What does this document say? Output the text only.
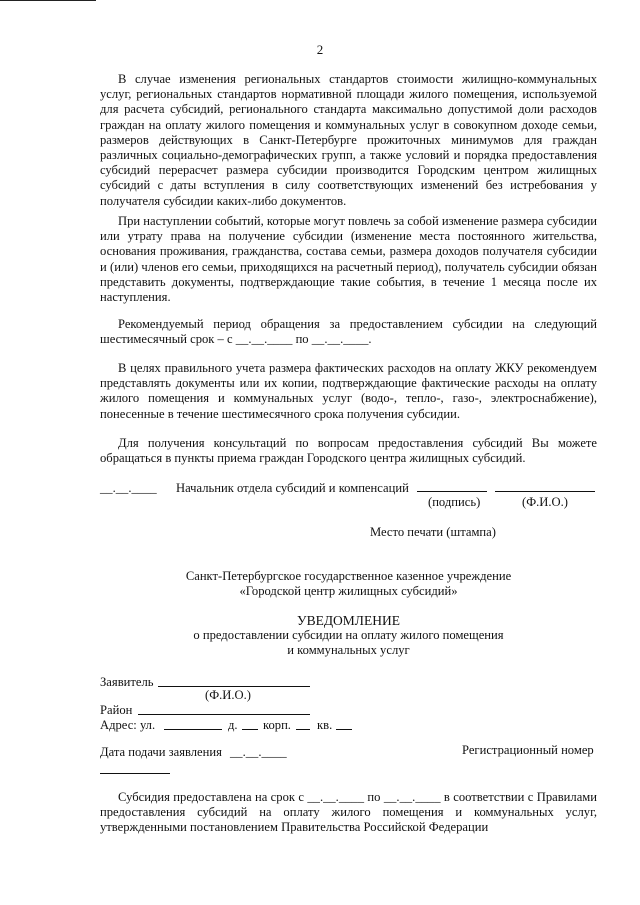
2
В случае изменения региональных стандартов стоимости жилищно-коммунальных услуг, региональных стандартов нормативной площади жилого помещения, используемой для расчета субсидий, регионального стандарта максимально допустимой доли расходов граждан на оплату жилого помещения и коммунальных услуг в совокупном доходе семьи, размеров действующих в Санкт-Петербурге прожиточных минимумов для граждан различных социально-демографических групп, а также условий и порядка предоставления субсидий перерасчет размера субсидии производится Городским центром жилищных субсидий с даты вступления в силу соответствующих изменений без истребования у получателя субсидии каких-либо документов.
При наступлении событий, которые могут повлечь за собой изменение размера субсидии или утрату права на получение субсидии (изменение места постоянного жительства, основания проживания, гражданства, состава семьи, размера доходов получателя субсидии и (или) членов его семьи, приходящихся на расчетный период), получатель субсидии обязан представить документы, подтверждающие такие события, в течение 1 месяца после их наступления.
Рекомендуемый период обращения за предоставлением субсидии на следующий шестимесячный срок – с __.__.____ по __.__.____.
В целях правильного учета размера фактических расходов на оплату ЖКУ рекомендуем представлять документы или их копии, подтверждающие фактические расходы на оплату жилого помещения и коммунальных услуг (водо-, тепло-, газо-, электроснабжение), понесенные в течение шестимесячного срока получения субсидии.
Для получения консультаций по вопросам предоставления субсидий Вы можете обращаться в пункты приема граждан Городского центра жилищных субсидий.
__.__.____ Начальник отдела субсидий и компенсаций
(подпись)	(Ф.И.О.)
Место печати (штампа)
Санкт-Петербургское государственное казенное учреждение
«Городской центр жилищных субсидий»
УВЕДОМЛЕНИЕ
о предоставлении субсидии на оплату жилого помещения
и коммунальных услуг
Заявитель
(Ф.И.О.)
Район
Адрес: ул.	д. корп. кв.
Дата подачи заявления __.__.____	Регистрационный номер
Субсидия предоставлена на срок с __.__.____ по __.__.____ в соответствии с Правилами предоставления субсидий на оплату жилого помещения и коммунальных услуг, утвержденными постановлением Правительства Российской Федерации
